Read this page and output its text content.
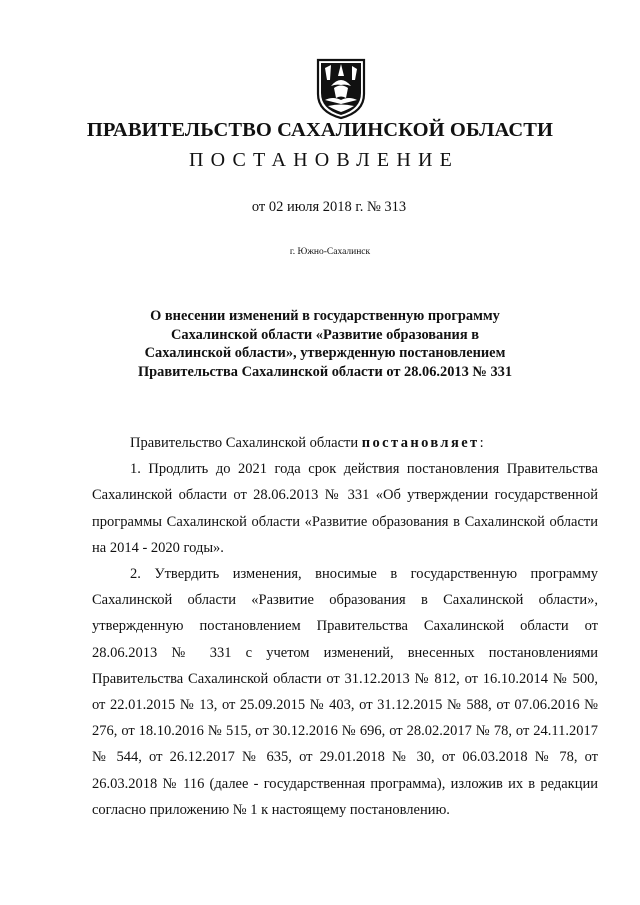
ПРАВИТЕЛЬСТВО САХАЛИНСКОЙ ОБЛАСТИ
ПОСТАНОВЛЕНИЕ
от 02 июля 2018 г. № 313
г. Южно-Сахалинск
О внесении изменений в государственную программу Сахалинской области «Развитие образования в Сахалинской области», утвержденную постановлением Правительства Сахалинской области от 28.06.2013 № 331

Правительство Сахалинской области постановляет:

1. Продлить до 2021 года срок действия постановления Правительства Сахалинской области от 28.06.2013 № 331 «Об утверждении государственной программы Сахалинской области «Развитие образования в Сахалинской области на 2014 - 2020 годы».

2. Утвердить изменения, вносимые в государственную программу Сахалинской области «Развитие образования в Сахалинской области», утвержденную постановлением Правительства Сахалинской области от 28.06.2013 № 331 с учетом изменений, внесенных постановлениями Правительства Сахалинской области от 31.12.2013 № 812, от 16.10.2014 № 500, от 22.01.2015 № 13, от 25.09.2015 № 403, от 31.12.2015 № 588, от 07.06.2016 № 276, от 18.10.2016 № 515, от 30.12.2016 № 696, от 28.02.2017 № 78, от 24.11.2017 № 544, от 26.12.2017 № 635, от 29.01.2018 № 30, от 06.03.2018 № 78, от 26.03.2018 № 116 (далее - государственная программа), изложив их в редакции согласно приложению № 1 к настоящему постановлению.
